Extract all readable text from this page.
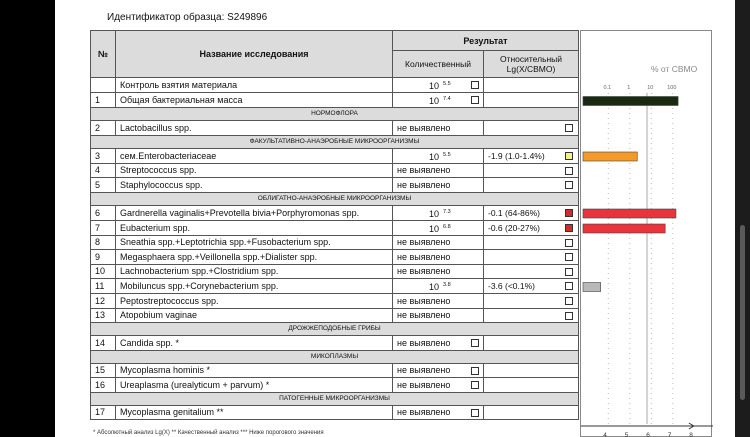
Идентификатор образца: S249896
№	Название исследования	Результат	
		Количественный	Относительный Lg(X/CBMO)
	Контроль взятия материала	10 $^{5.5}$

1	Общая бактериальная масса	10 $^{7.4}$

НОРМОФЛОРА			
2	Lactobacillus spp.	не выявлено	

ФАКУЛЬТАТИВНО-АНАЭРОБНЫЕ МИКРООРГАНИЗМЫ			
3	сем.Enterobacteriaceae	10 $^{5.5}$	-1.9 (1.0-1.4%)

4	Streptococcus spp.	не выявлено	

5	Staphylococcus spp.	не выявлено	

ОБЛИГАТНО-АНАЭРОБНЫЕ МИКРООРГАНИЗМЫ			
6	Gardnerella vaginalis+Prevotella bivia+Porphyromonas spp.	10 $^{7.3}$	-0.1 (64-86%)

7	Eubacterium spp.	10 $^{6.8}$	-0.6 (20-27%)

8	Sneathia spp.+Leptotrichia spp.+Fusobacterium spp.	не выявлено	

9	Megasphaera spp.+Veillonella spp.+Dialister spp.	не выявлено	

10	Lachnobacterium spp.+Clostridium spp.	не выявлено	

11	Mobiluncus spp.+Corynebacterium spp.	10 $^{3.8}$	-3.6 (<0.1%)

12	Peptostreptococcus spp.	не выявлено	

13	Atopobium vaginae	не выявлено	

ДРОЖЖЕПОДОБНЫЕ ГРИБЫ			
14	Candida spp. *	не выявлено

МИКОПЛАЗМЫ			
15	Mycoplasma hominis *	не выявлено

16	Ureaplasma (urealyticum + parvum) *	не выявлено

ПАТОГЕННЫЕ МИКРООРГАНИЗМЫ			
17	Mycoplasma genitalium **	не выявлено

% от CBMO
0.1	1	10	100
4	5	6	7	8
* Абсолютный анализ Lg(X) ** Качественный анализ *** Ниже порогового значения
